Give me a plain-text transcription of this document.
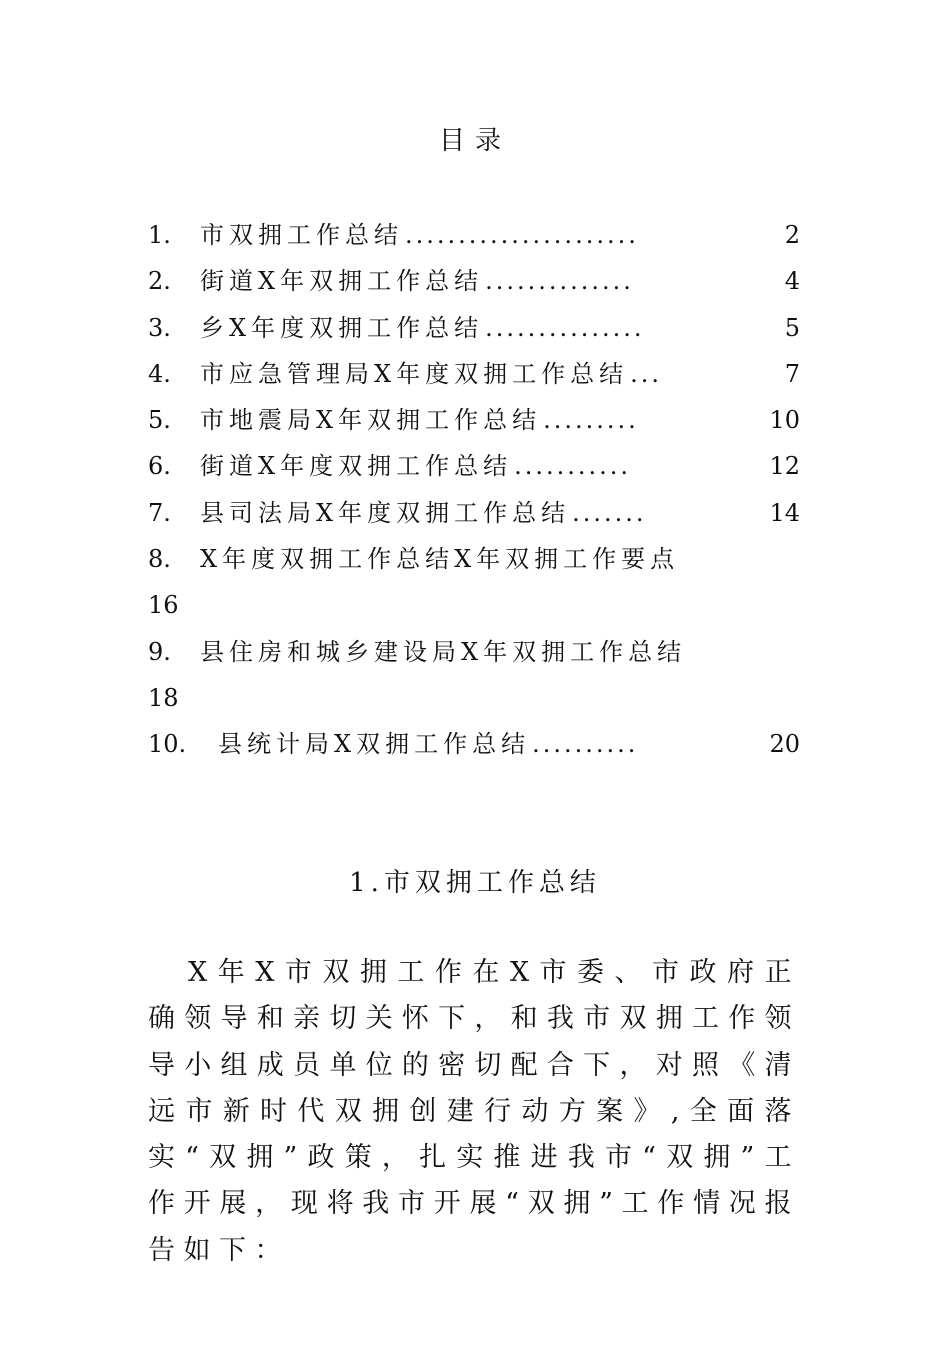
目录
1.	市双拥工作总结 ......................	2
2.	街道X年双拥工作总结 ..............	4
3.	乡X年度双拥工作总结 ...............	5
4.	市应急管理局X年度双拥工作总结 ...	7
5.	市地震局X年双拥工作总结 .........	10
6.	街道X年度双拥工作总结 ...........	12
7.	县司法局X年度双拥工作总结 .......	14
8.	X年度双拥工作总结X年双拥工作要点
16
9.	县住房和城乡建设局X年双拥工作总结
18
10.	县统计局X双拥工作总结 ..........	20
1.市双拥工作总结

X年X市双拥工作在X市委、市政府正确领导和亲切关怀下，和我市双拥工作领导小组成员单位的密切配合下，对照《清远市新时代双拥创建行动方案》,全面落实“双拥”政策，扎实推进我市“双拥”工作开展，现将我市开展“双拥”工作情况报告如下：
